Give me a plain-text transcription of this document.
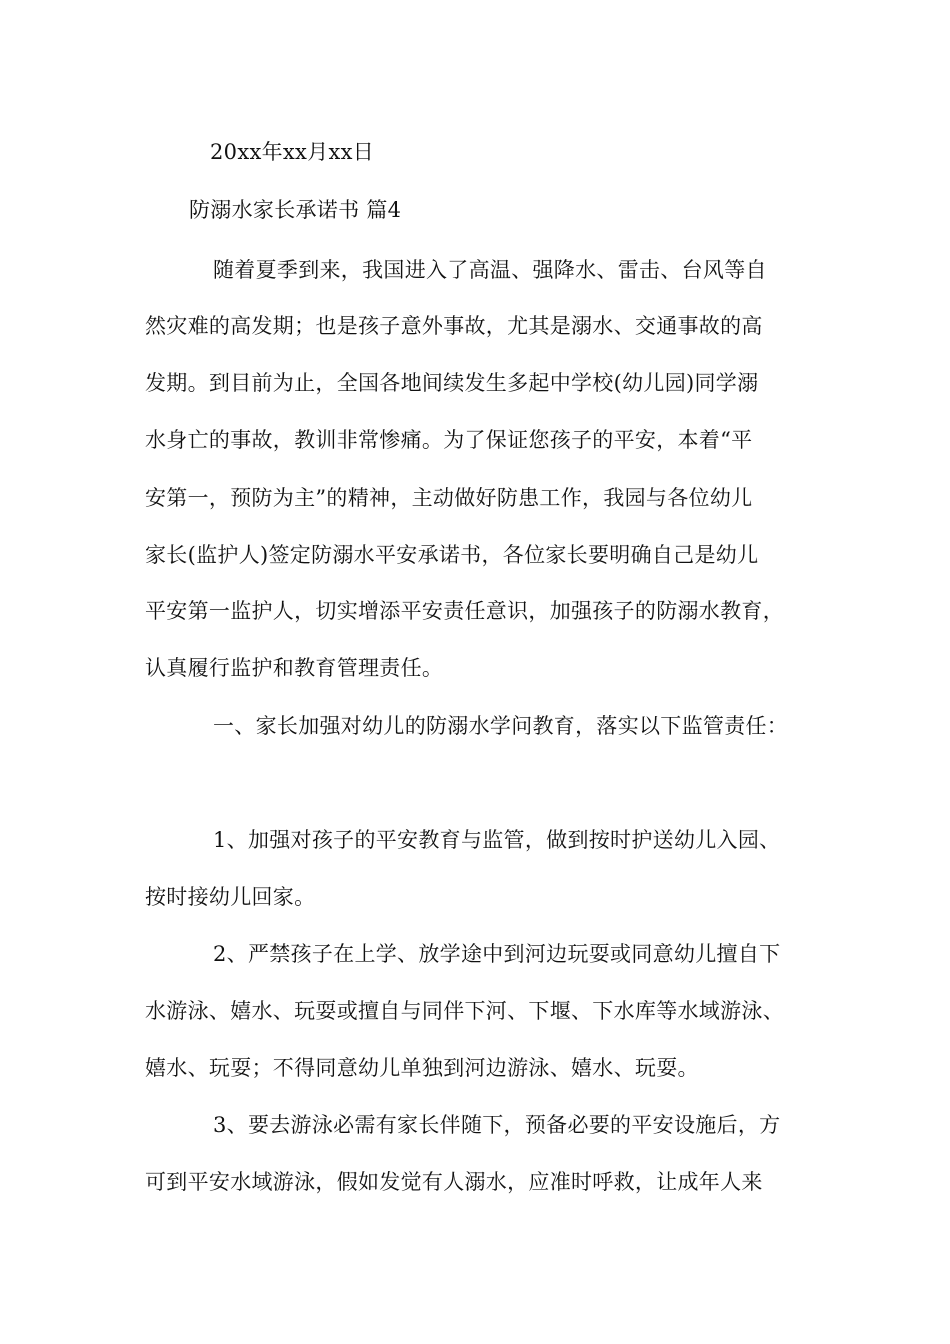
20xx年xx月xx日
防溺水家长承诺书 篇4
随着夏季到来，我国进入了高温、强降水、雷击、台风等自
然灾难的高发期；也是孩子意外事故，尤其是溺水、交通事故的高
发期。到目前为止，全国各地间续发生多起中学校(幼儿园)同学溺
水身亡的事故，教训非常惨痛。为了保证您孩子的平安，本着“平
安第一，预防为主”的精神，主动做好防患工作，我园与各位幼儿
家长(监护人)签定防溺水平安承诺书，各位家长要明确自己是幼儿
平安第一监护人，切实增添平安责任意识，加强孩子的防溺水教育，
认真履行监护和教育管理责任。
一、家长加强对幼儿的防溺水学问教育，落实以下监管责任：
1、加强对孩子的平安教育与监管，做到按时护送幼儿入园、
按时接幼儿回家。
2、严禁孩子在上学、放学途中到河边玩耍或同意幼儿擅自下
水游泳、嬉水、玩耍或擅自与同伴下河、下堰、下水库等水域游泳、
嬉水、玩耍；不得同意幼儿单独到河边游泳、嬉水、玩耍。
3、要去游泳必需有家长伴随下，预备必要的平安设施后，方
可到平安水域游泳，假如发觉有人溺水，应准时呼救，让成年人来
